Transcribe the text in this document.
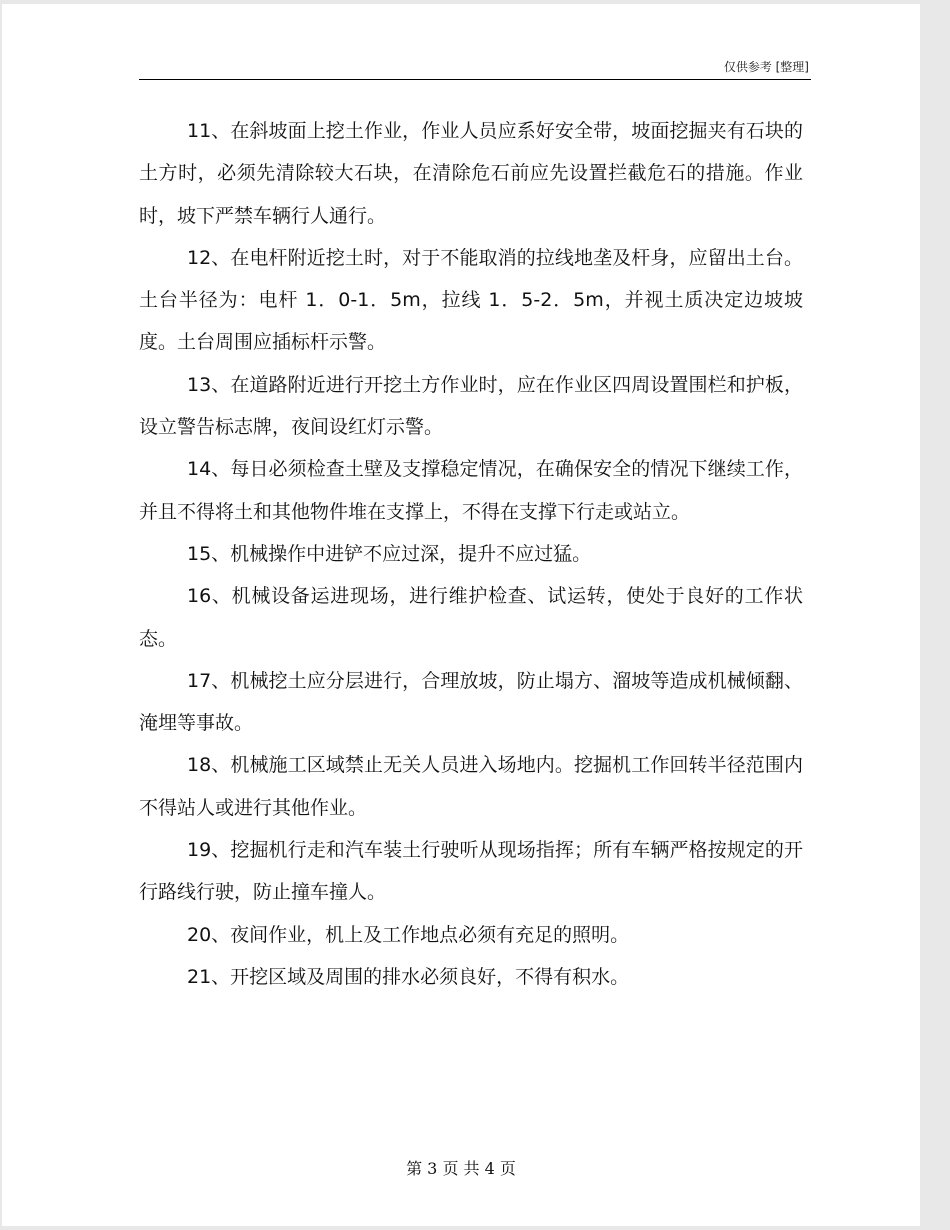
仅供参考 [整理]

11、在斜坡面上挖土作业，作业人员应系好安全带，坡面挖掘夹有石块的土方时，必须先清除较大石块，在清除危石前应先设置拦截危石的措施。作业时，坡下严禁车辆行人通行。

12、在电杆附近挖土时，对于不能取消的拉线地垄及杆身，应留出土台。土台半径为：电杆 1．0-1．5m，拉线 1．5-2．5m，并视土质决定边坡坡度。土台周围应插标杆示警。

13、在道路附近进行开挖土方作业时，应在作业区四周设置围栏和护板，设立警告标志牌，夜间设红灯示警。

14、每日必须检查土壁及支撑稳定情况，在确保安全的情况下继续工作，并且不得将土和其他物件堆在支撑上，不得在支撑下行走或站立。

15、机械操作中进铲不应过深，提升不应过猛。

16、机械设备运进现场，进行维护检查、试运转，使处于良好的工作状态。

17、机械挖土应分层进行，合理放坡，防止塌方、溜坡等造成机械倾翻、淹埋等事故。

18、机械施工区域禁止无关人员进入场地内。挖掘机工作回转半径范围内不得站人或进行其他作业。

19、挖掘机行走和汽车装土行驶听从现场指挥；所有车辆严格按规定的开行路线行驶，防止撞车撞人。

20、夜间作业，机上及工作地点必须有充足的照明。

21、开挖区域及周围的排水必须良好，不得有积水。

第 3 页 共 4 页
